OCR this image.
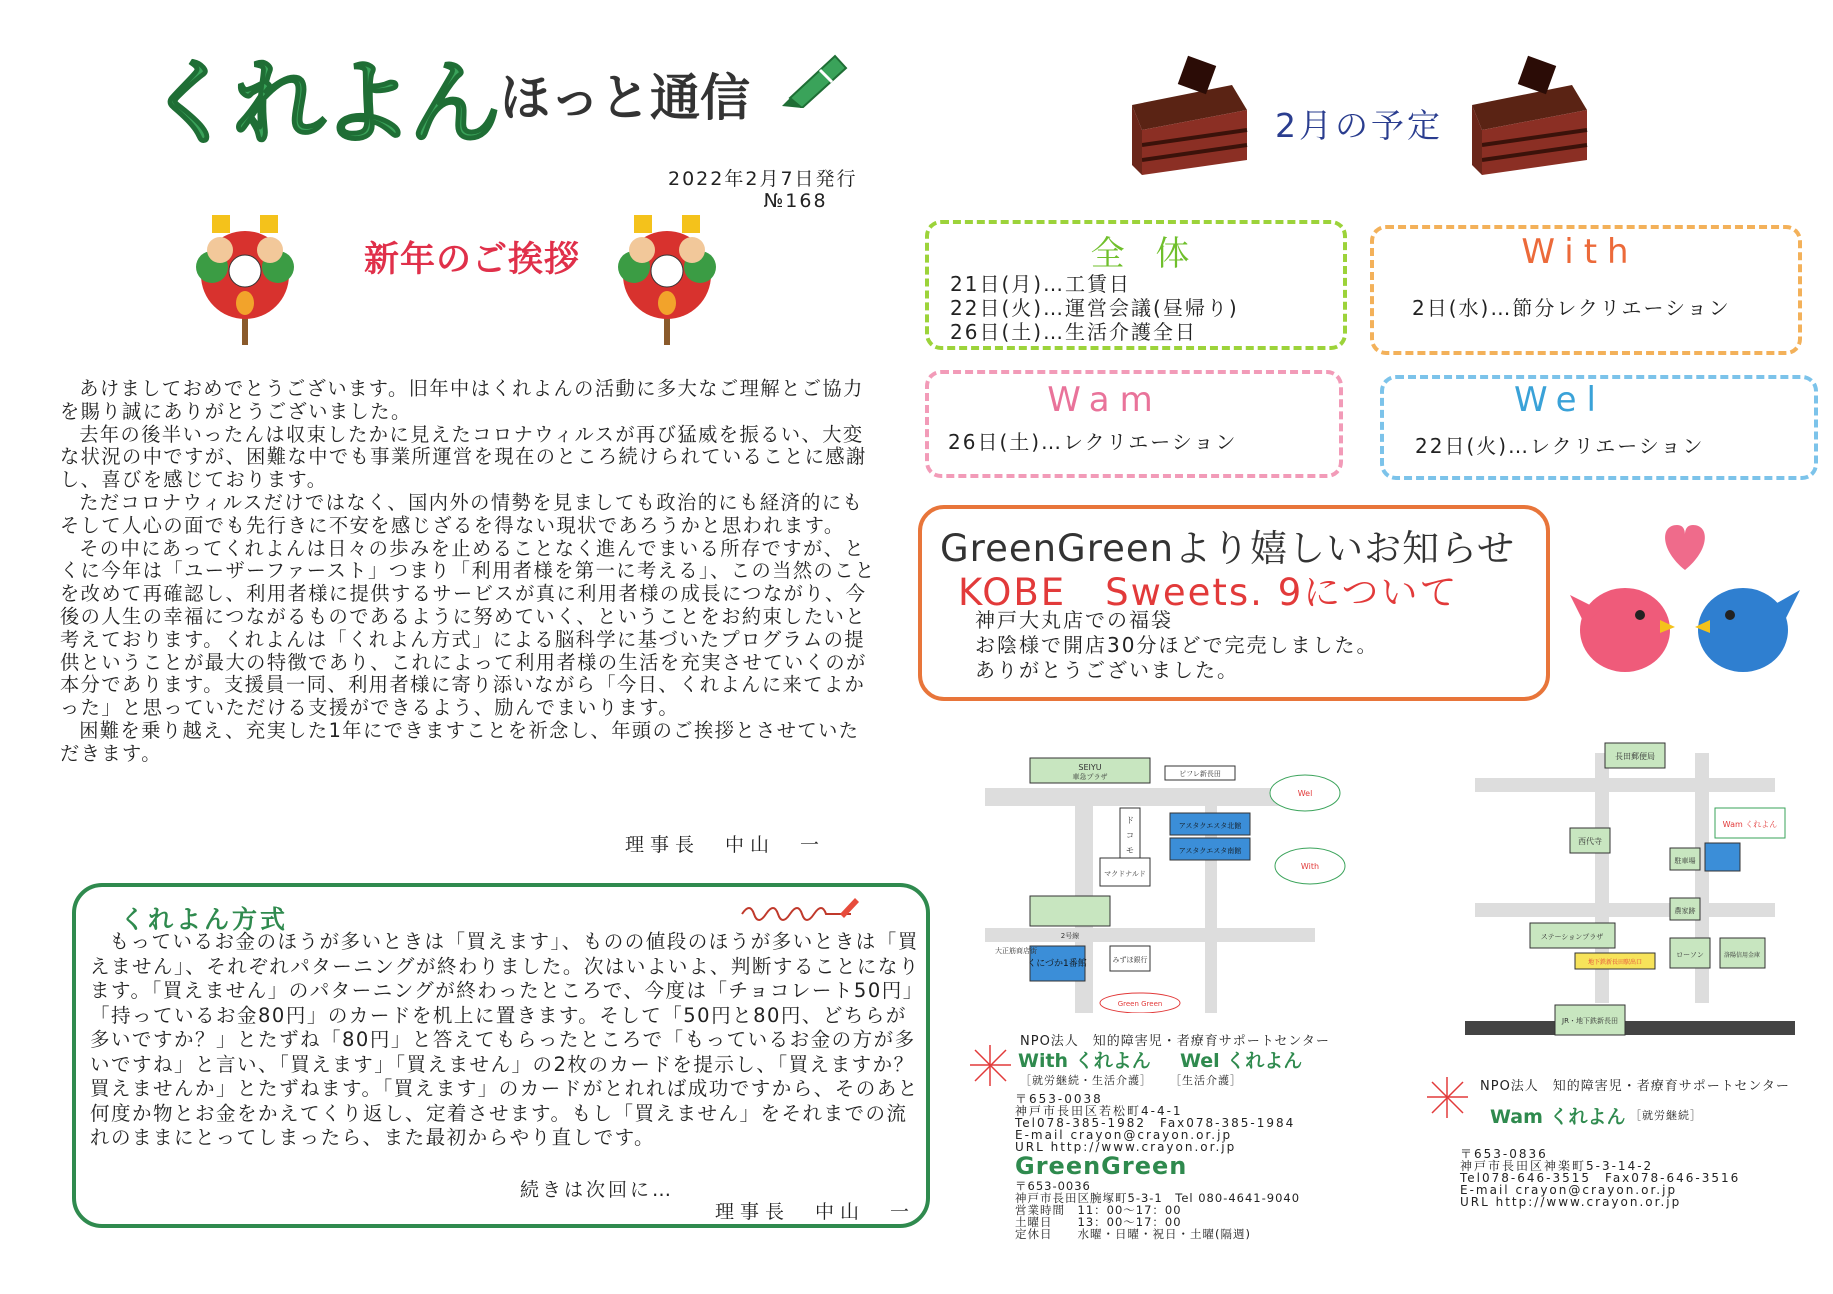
くれよん ほっと通信
2022年2月7日発行
№168
新年のご挨拶

あけましておめでとうございます。旧年中はくれよんの活動に多大なご理解とご協力を賜り誠にありがとうございました。

去年の後半いったんは収束したかに見えたコロナウィルスが再び猛威を振るい、大変な状況の中ですが、困難な中でも事業所運営を現在のところ続けられていることに感謝し、喜びを感じております。

ただコロナウィルスだけではなく、国内外の情勢を見ましても政治的にも経済的にもそして人心の面でも先行きに不安を感じざるを得ない現状であろうかと思われます。

その中にあってくれよんは日々の歩みを止めることなく進んでまいる所存ですが、とくに今年は「ユーザーファースト」つまり「利用者様を第一に考える」、この当然のことを改めて再確認し、利用者様に提供するサービスが真に利用者様の成長につながり、今後の人生の幸福につながるものであるように努めていく、ということをお約束したいと考えております。くれよんは「くれよん方式」による脳科学に基づいたプログラムの提供ということが最大の特徴であり、これによって利用者様の生活を充実させていくのが本分であります。支援員一同、利用者様に寄り添いながら「今日、くれよんに来てよかった」と思っていただける支援ができるよう、励んでまいります。

困難を乗り越え、充実した1年にできますことを祈念し、年頭のご挨拶とさせていただきます。

理事長　中山　一
くれよん方式

もっているお金のほうが多いときは「買えます」、ものの値段のほうが多いときは「買えません」、それぞれパターニングが終わりました。次はいよいよ、判断することになります。「買えません」のパターニングが終わったところで、今度は「チョコレート50円」「持っているお金80円」のカードを机上に置きます。そして「50円と80円、どちらが多いですか？」とたずね「80円」と答えてもらったところで「もっているお金の方が多いですね」と言い、「買えます」「買えません」の2枚のカードを提示し、「買えますか？買えませんか」とたずねます。「買えます」のカードがとれれば成功ですから、そのあと何度か物とお金をかえてくり返し、定着させます。もし「買えません」をそれまでの流れのままにとってしまったら、また最初からやり直しです。

続きは次回に…
理事長　中山　一
2月の予定
全 体
21日(月)…工賃日
22日(火)…運営会議(昼帰り)
26日(土)…生活介護全日
With
2日(水)…節分レクリエーション
Wam
26日(土)…レクリエーション
Wel
22日(火)…レクリエーション
GreenGreenより嬉しいお知らせ
KOBE　Sweets. 9について
神戸大丸店での福袋
お陰様で開店30分ほどで完売しました。
ありがとうございました。
SEIYU
車急プラザ	ピフレ新長田
ド
コ
モ
マクドナルド
アスタクエスタ北館
アスタクエスタ南館
2号線
みずほ銀行
くにづか1番館
Wel
With
Green Green
大正筋商店街
長田郵便局
西代寺
Wam くれよん
駐車場
農家跡
ステーションプラザ
地下鉄新長田駅出口
ローソン	洛陽信用金庫
JR・地下鉄新長田
NPO法人　知的障害児・者療育サポートセンター
With くれよん Wel くれよん
［就労継続・生活介護］ ［生活介護］
〒653-0038
神戸市長田区若松町4-4-1
Tel078-385-1982　Fax078-385-1984
E-mail crayon@crayon.or.jp
URL http://www.crayon.or.jp
GreenGreen
〒653-0036
神戸市長田区腕塚町5-3-1　Tel 080-4641-9040
営業時間　11：00～17：00
土曜日　　13：00～17：00
定休日　　水曜・日曜・祝日・土曜(隔週)
NPO法人　知的障害児・者療育サポートセンター
Wam くれよん ［就労継続］
〒653-0836
神戸市長田区神楽町5-3-14-2
Tel078-646-3515　Fax078-646-3516
E-mail crayon@crayon.or.jp
URL http://www.crayon.or.jp
